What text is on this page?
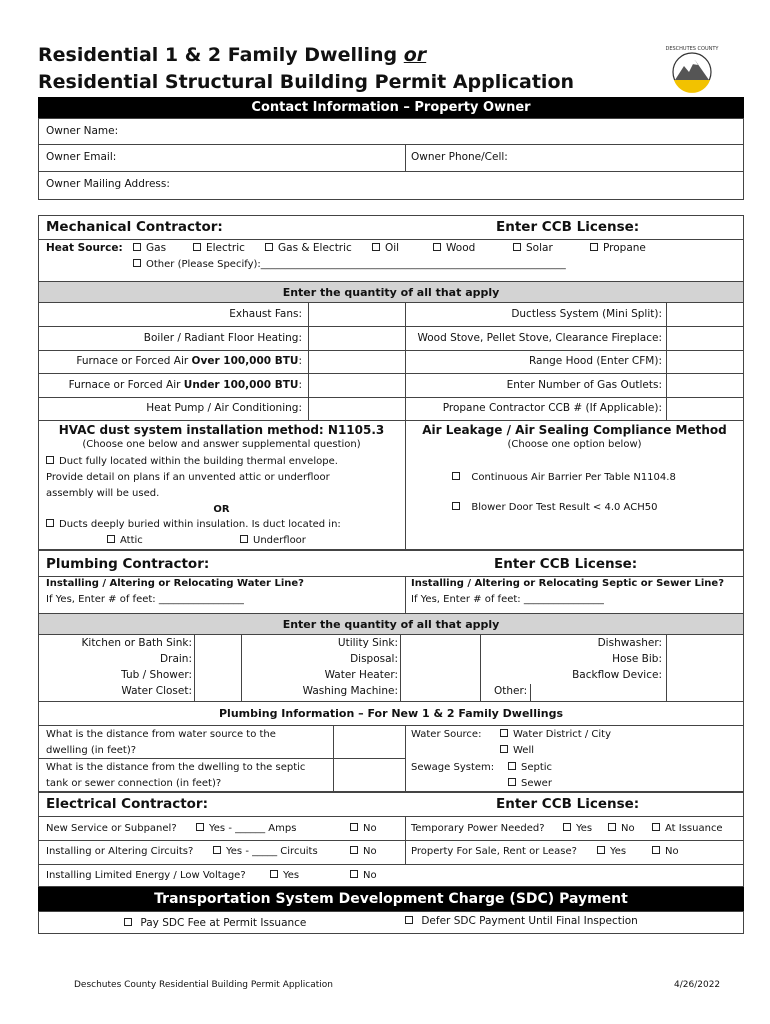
Residential 1 & 2 Family Dwelling or
Residential Structural Building Permit Application
DESCHUTES COUNTY
Contact Information – Property Owner
Owner Name:
Owner Email:	Owner Phone/Cell:
Owner Mailing Address:
Mechanical Contractor:	Enter CCB License:
Heat Source:	Gas	Electric	Gas & Electric	Oil	Wood	Solar	Propane
Other (Please Specify):_____________________________________________________________
Enter the quantity of all that apply
Exhaust Fans:
Boiler / Radiant Floor Heating:
Furnace or Forced Air Over 100,000 BTU:
Furnace or Forced Air Under 100,000 BTU:
Heat Pump / Air Conditioning:
Ductless System (Mini Split):
Wood Stove, Pellet Stove, Clearance Fireplace:
Range Hood (Enter CFM):
Enter Number of Gas Outlets:
Propane Contractor CCB # (If Applicable):
HVAC dust system installation method: N1105.3
(Choose one below and answer supplemental question)
Duct fully located within the building thermal envelope.
Provide detail on plans if an unvented attic or underfloor
assembly will be used.
OR
Ducts deeply buried within insulation. Is duct located in:
Attic	Underfloor
Air Leakage / Air Sealing Compliance Method
(Choose one option below)
Continuous Air Barrier Per Table N1104.8
Blower Door Test Result < 4.0 ACH50
Plumbing Contractor:	Enter CCB License:
Installing / Altering or Relocating Water Line?
If Yes, Enter # of feet: _________________
Installing / Altering or Relocating Septic or Sewer Line?
If Yes, Enter # of feet: ________________
Enter the quantity of all that apply
Kitchen or Bath Sink:
Drain:
Tub / Shower:
Water Closet:
Utility Sink:
Disposal:
Water Heater:
Washing Machine:
Dishwasher:
Hose Bib:
Backflow Device:
Other:
Plumbing Information – For New 1 & 2 Family Dwellings
What is the distance from water source to the
dwelling (in feet)?
What is the distance from the dwelling to the septic
tank or sewer connection (in feet)?
Water Source:	Water District / City
Well
Sewage System:	Septic
Sewer
Electrical Contractor:	Enter CCB License:
New Service or Subpanel?	Yes - ______ Amps	No
Installing or Altering Circuits?	Yes - _____ Circuits	No
Installing Limited Energy / Low Voltage?	Yes	No
Temporary Power Needed?	Yes	No	At Issuance
Property For Sale, Rent or Lease?	Yes	No
Transportation System Development Charge (SDC) Payment
Pay SDC Fee at Permit Issuance	Defer SDC Payment Until Final Inspection
Deschutes County Residential Building Permit Application	4/26/2022
